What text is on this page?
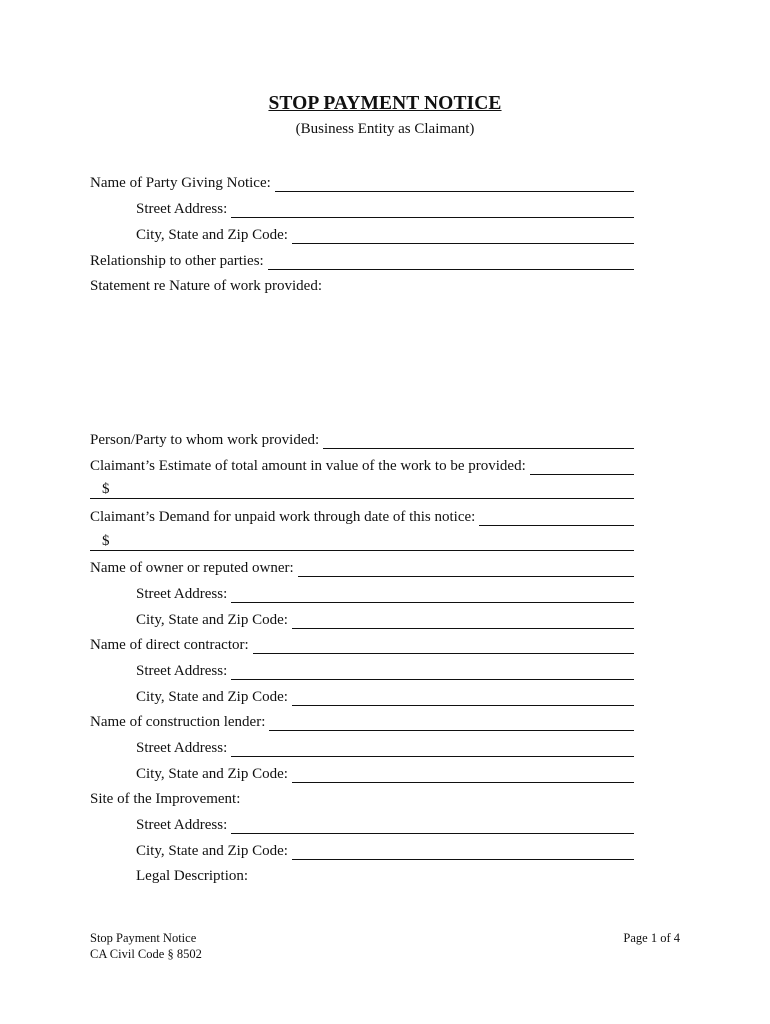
STOP PAYMENT NOTICE
(Business Entity as Claimant)
Name of Party Giving Notice:
Street Address:
City, State and Zip Code:
Relationship to other parties:
Statement re Nature of work provided:
Person/Party to whom work provided:
Claimant’s Estimate of total amount in value of the work to be provided:
$
Claimant’s Demand for unpaid work through date of this notice:
$
Name of owner or reputed owner:
Street Address:
City, State and Zip Code:
Name of direct contractor:
Street Address:
City, State and Zip Code:
Name of construction lender:
Street Address:
City, State and Zip Code:
Site of the Improvement:
Street Address:
City, State and Zip Code:
Legal Description:
Stop Payment Notice
CA Civil Code § 8502
Page 1 of 4
